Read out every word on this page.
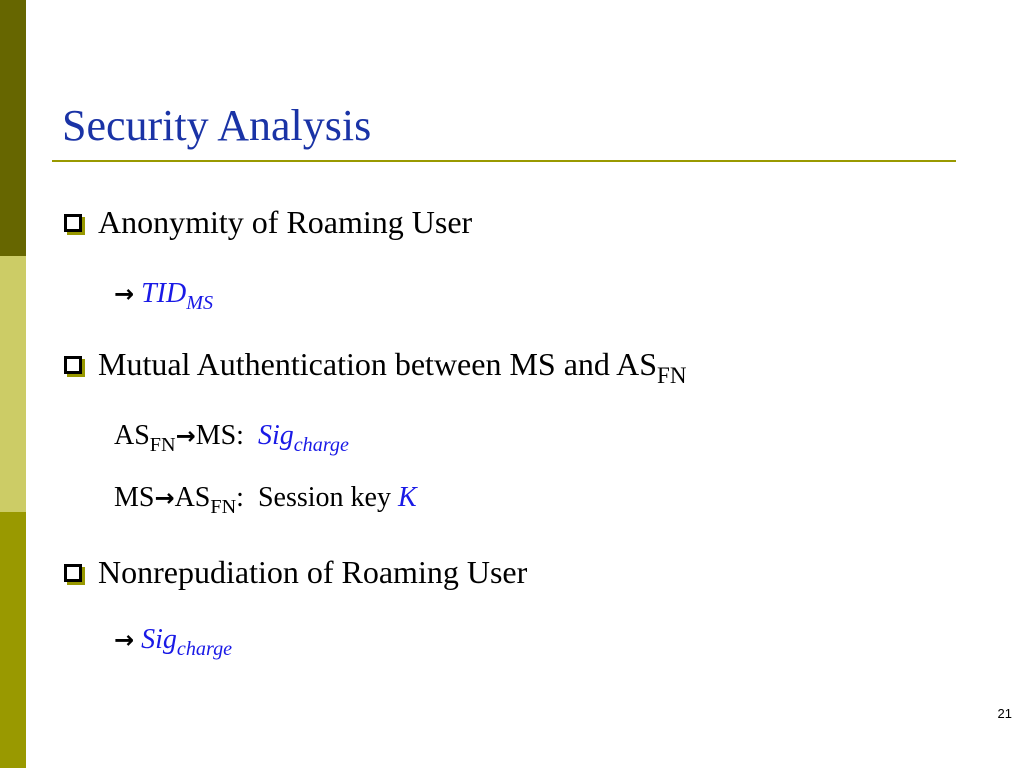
Security Analysis
Anonymity of Roaming User
→ $TID_{MS}$
Mutual Authentication between MS and $AS_{FN}$
$AS_{FN}\to MS$: Sig$_{charge}$
$MS\to AS_{FN}$: Session key K
Nonrepudiation of Roaming User
→ Sig$_{charge}$
21
